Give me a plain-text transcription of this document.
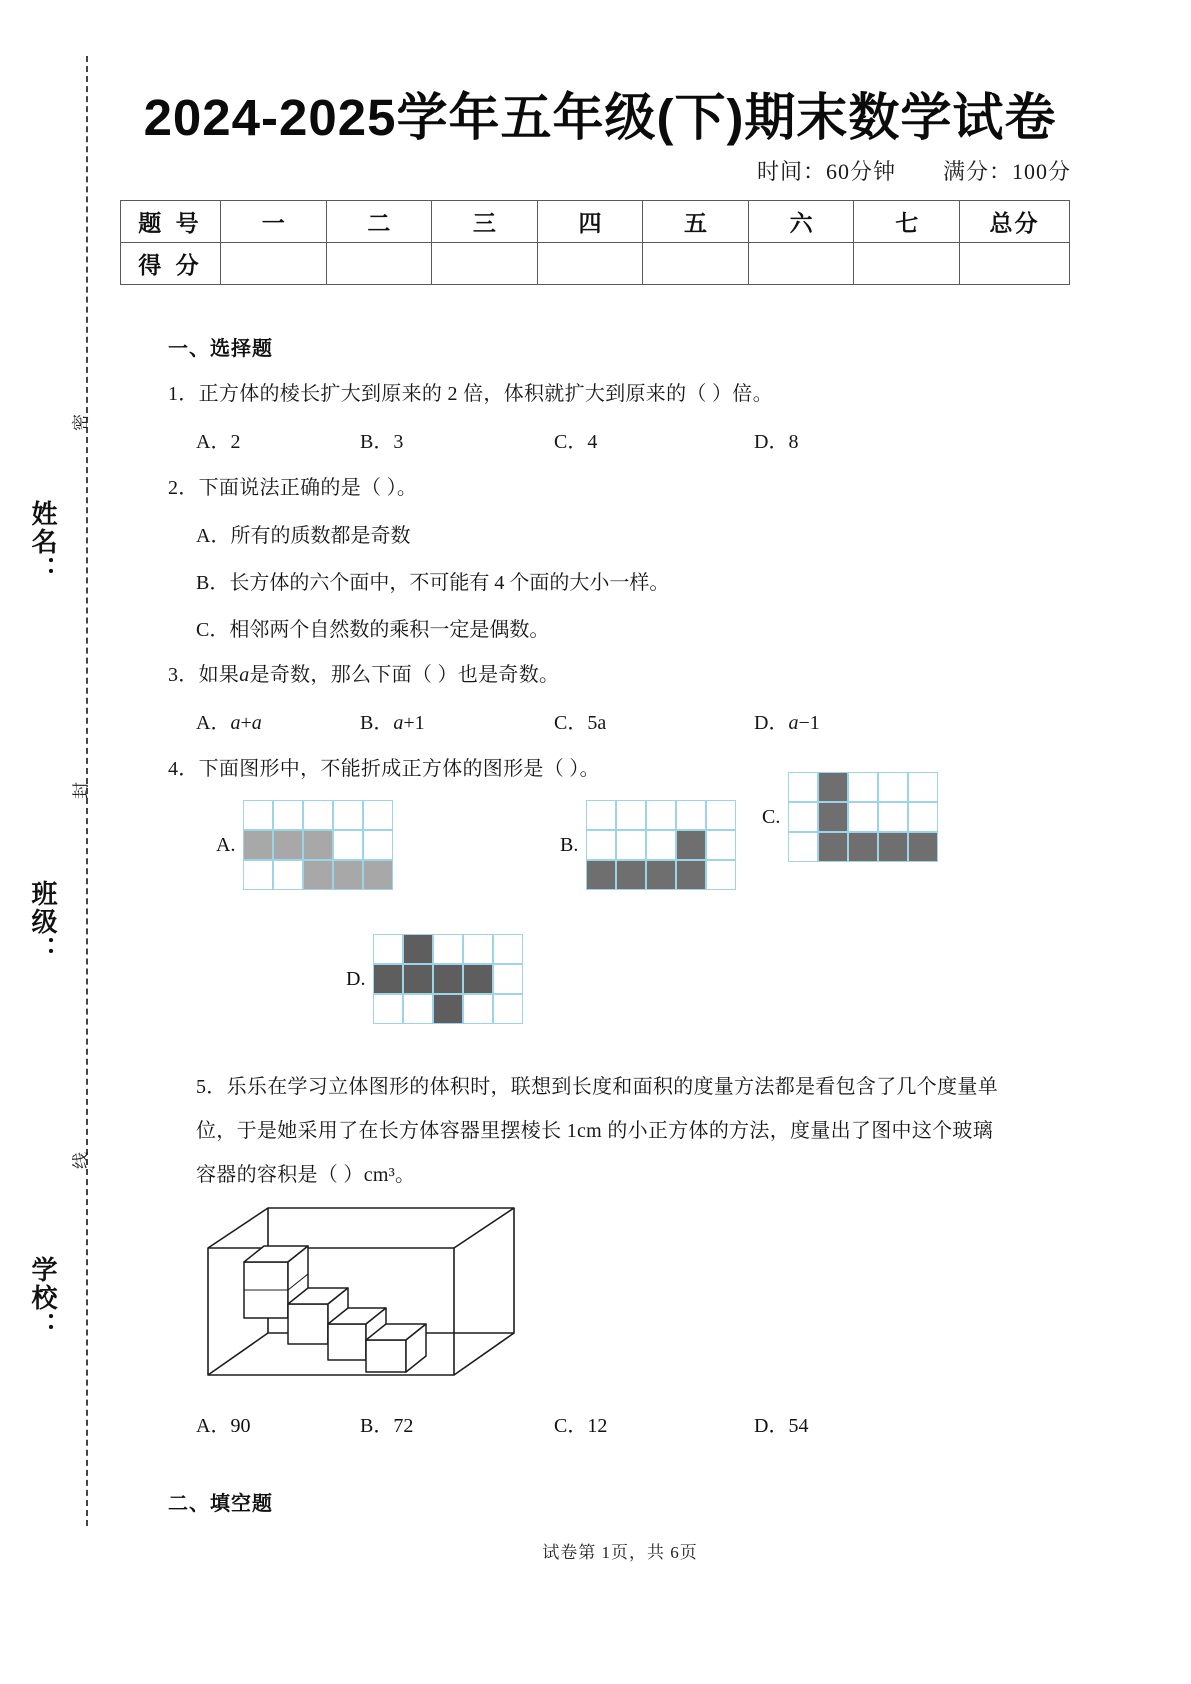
密
封
线
姓名：
班级：
学校：
2024-2025学年五年级(下)期末数学试卷
时间：60分钟 满分：100分
题 号	一	二	三	四	五	六	七	总分
得 分								
一、选择题
1．正方体的棱长扩大到原来的 2 倍，体积就扩大到原来的（ ）倍。
A．2	B．3	C．4	D．8
2．下面说法正确的是（ ）。
A．所有的质数都是奇数
B．长方体的六个面中，不可能有 4 个面的大小一样。
C．相邻两个自然数的乘积一定是偶数。
3．如果a是奇数，那么下面（ ）也是奇数。
A．a+a	B．a+1	C．5a	D．a−1
4．下面图形中，不能折成正方体的图形是（ ）。
A.	B.
C.
D.
5．乐乐在学习立体图形的体积时，联想到长度和面积的度量方法都是看包含了几个度量单
位，于是她采用了在长方体容器里摆棱长 1cm 的小正方体的方法，度量出了图中这个玻璃
容器的容积是（ ）cm³。
A．90	B．72	C．12	D．54
二、填空题
试卷第 1页，共 6页
